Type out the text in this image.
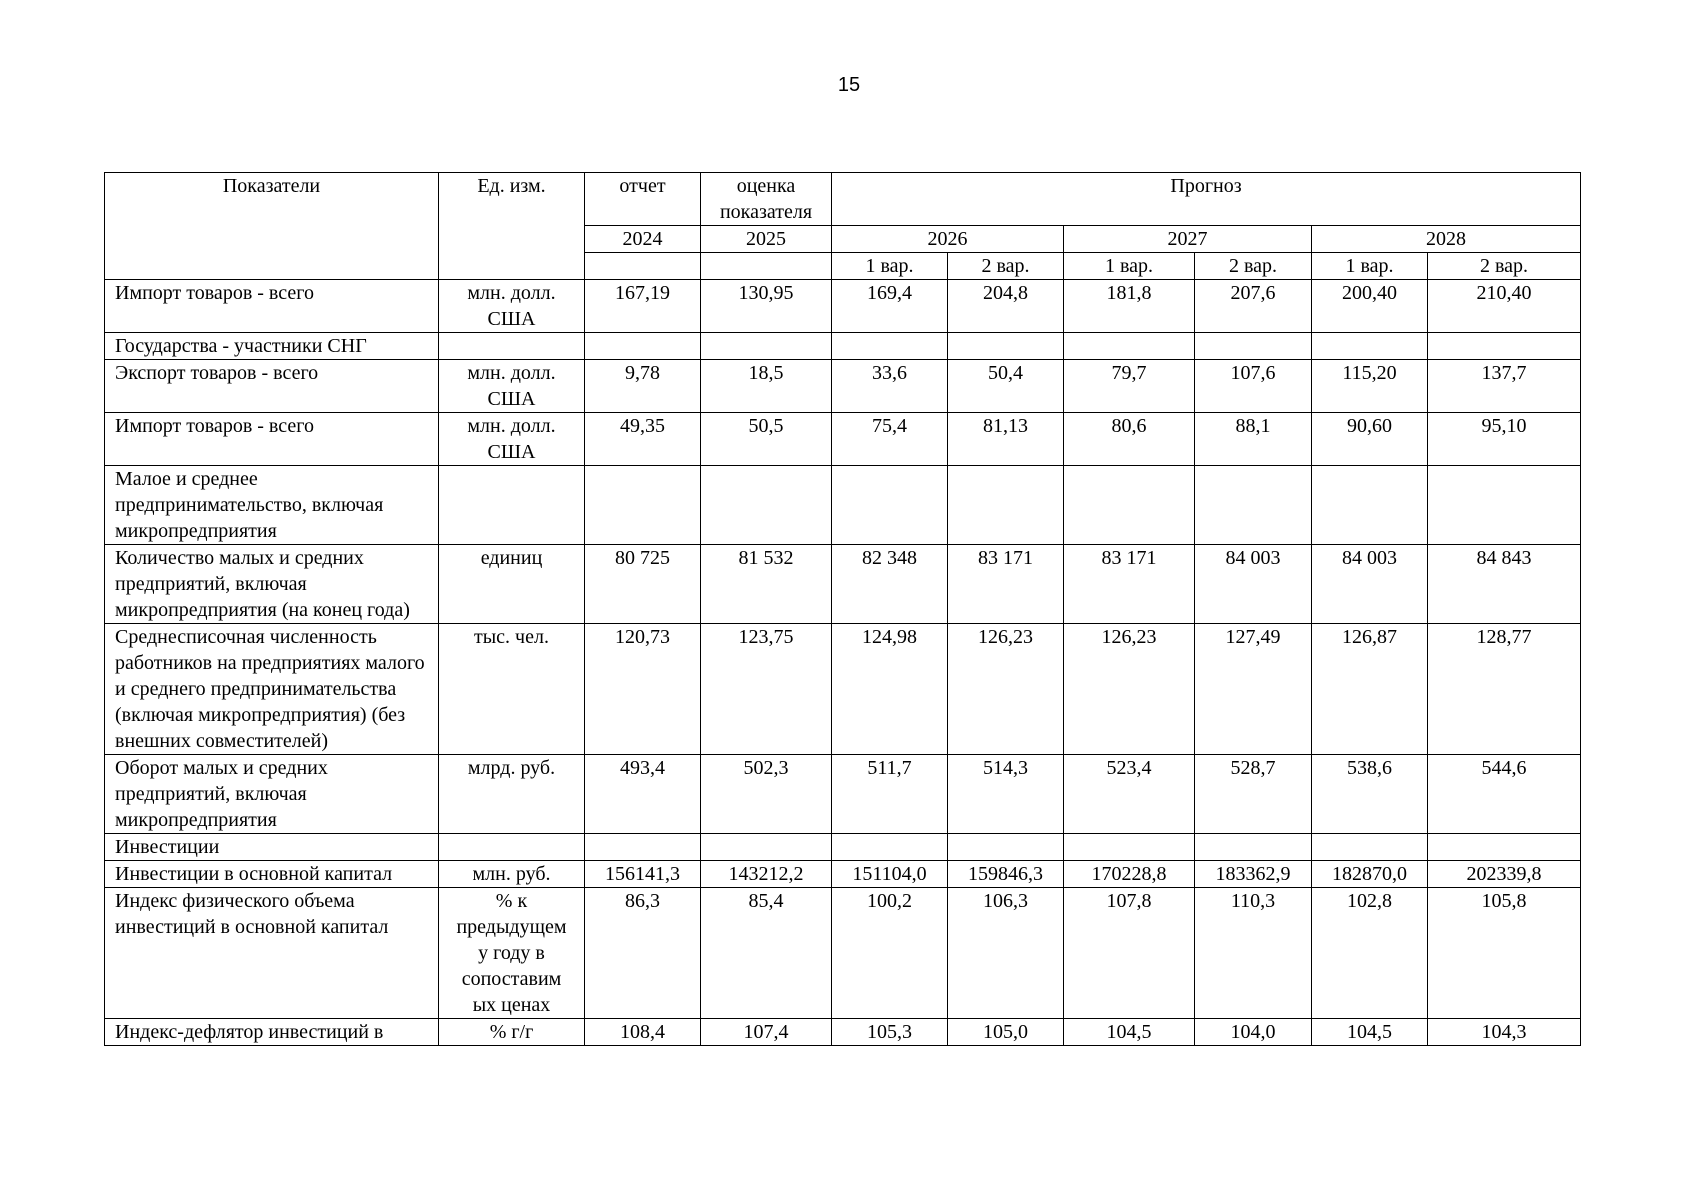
15
Показатели	Ед. изм.	отчет	оценка показателя	Прогноз					
		2024	2025	2026		2027		2028	
				1 вар.	2 вар.	1 вар.	2 вар.	1 вар.	2 вар.
Импорт товаров - всего	млн. долл. США	167,19	130,95	169,4	204,8	181,8	207,6	200,40	210,40
Государства - участники СНГ									
Экспорт товаров - всего	млн. долл. США	9,78	18,5	33,6	50,4	79,7	107,6	115,20	137,7
Импорт товаров - всего	млн. долл. США	49,35	50,5	75,4	81,13	80,6	88,1	90,60	95,10
Малое и среднее предпринимательство, включая микропредприятия									
Количество малых и средних предприятий, включая микропредприятия (на конец года)	единиц	80 725	81 532	82 348	83 171	83 171	84 003	84 003	84 843
Среднесписочная численность работников на предприятиях малого и среднего предпринимательства (включая микропредприятия) (без внешних совместителей)	тыс. чел.	120,73	123,75	124,98	126,23	126,23	127,49	126,87	128,77
Оборот малых и средних предприятий, включая микропредприятия	млрд. руб.	493,4	502,3	511,7	514,3	523,4	528,7	538,6	544,6
Инвестиции									
Инвестиции в основной капитал	млн. руб.	156141,3	143212,2	151104,0	159846,3	170228,8	183362,9	182870,0	202339,8
Индекс физического объема инвестиций в основной капитал	% к предыдущем у году в сопоставим ых ценах	86,3	85,4	100,2	106,3	107,8	110,3	102,8	105,8
Индекс-дефлятор инвестиций в	% г/г	108,4	107,4	105,3	105,0	104,5	104,0	104,5	104,3
